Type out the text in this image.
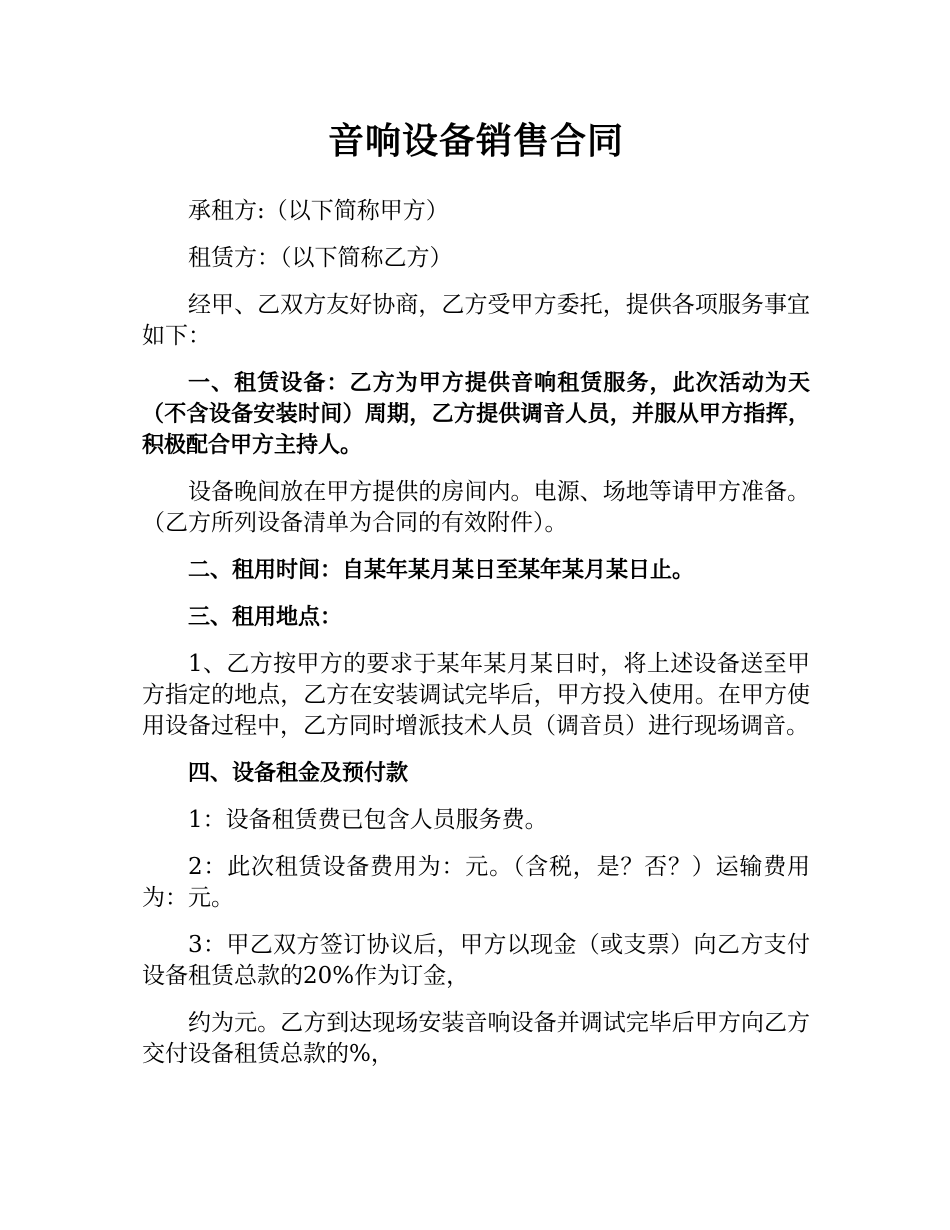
音响设备销售合同

承租方:（以下简称甲方）

租赁方：（以下简称乙方）

经甲、乙双方友好协商，乙方受甲方委托，提供各项服务事宜如下：

一、租赁设备：乙方为甲方提供音响租赁服务，此次活动为天（不含设备安装时间）周期，乙方提供调音人员，并服从甲方指挥，积极配合甲方主持人。

设备晚间放在甲方提供的房间内。电源、场地等请甲方准备。（乙方所列设备清单为合同的有效附件）。

二、租用时间：自某年某月某日至某年某月某日止。

三、租用地点：

1、乙方按甲方的要求于某年某月某日时，将上述设备送至甲方指定的地点，乙方在安装调试完毕后，甲方投入使用。在甲方使用设备过程中，乙方同时增派技术人员（调音员）进行现场调音。

四、设备租金及预付款

1：设备租赁费已包含人员服务费。

2：此次租赁设备费用为：元。（含税，是？否？）运输费用为：元。

3：甲乙双方签订协议后，甲方以现金（或支票）向乙方支付设备租赁总款的20%作为订金，

约为元。乙方到达现场安装音响设备并调试完毕后甲方向乙方交付设备租赁总款的%，
